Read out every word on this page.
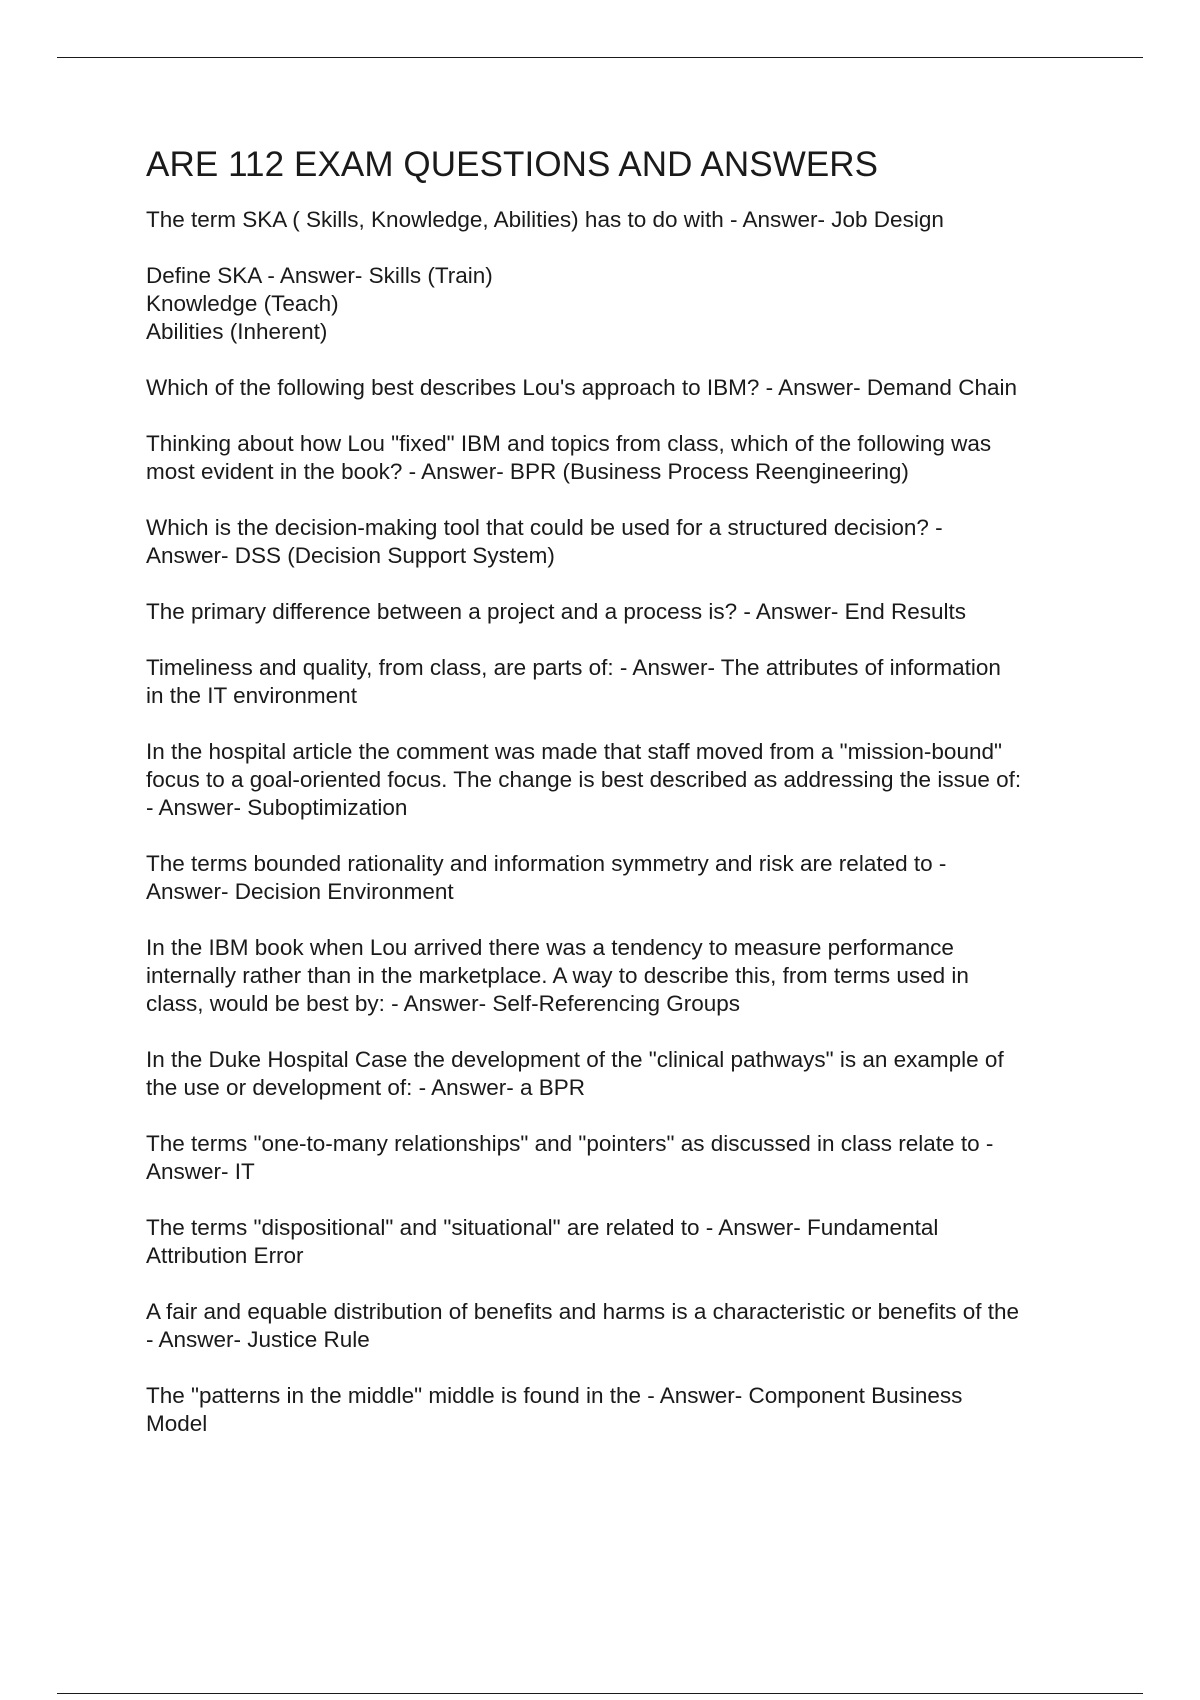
ARE 112 EXAM QUESTIONS AND ANSWERS
The term SKA ( Skills, Knowledge, Abilities) has to do with - Answer- Job Design
Define SKA - Answer- Skills (Train)
Knowledge (Teach)
Abilities (Inherent)
Which of the following best describes Lou's approach to IBM? - Answer- Demand Chain
Thinking about how Lou "fixed" IBM and topics from class, which of the following was
most evident in the book? - Answer- BPR (Business Process Reengineering)
Which is the decision-making tool that could be used for a structured decision? -
Answer- DSS (Decision Support System)
The primary difference between a project and a process is? - Answer- End Results
Timeliness and quality, from class, are parts of: - Answer- The attributes of information
in the IT environment
In the hospital article the comment was made that staff moved from a "mission-bound"
focus to a goal-oriented focus. The change is best described as addressing the issue of:
- Answer- Suboptimization
The terms bounded rationality and information symmetry and risk are related to -
Answer- Decision Environment
In the IBM book when Lou arrived there was a tendency to measure performance
internally rather than in the marketplace. A way to describe this, from terms used in
class, would be best by: - Answer- Self-Referencing Groups
In the Duke Hospital Case the development of the "clinical pathways" is an example of
the use or development of: - Answer- a BPR
The terms "one-to-many relationships" and "pointers" as discussed in class relate to -
Answer- IT
The terms "dispositional" and "situational" are related to - Answer- Fundamental
Attribution Error
A fair and equable distribution of benefits and harms is a characteristic or benefits of the
- Answer- Justice Rule
The "patterns in the middle" middle is found in the - Answer- Component Business
Model
